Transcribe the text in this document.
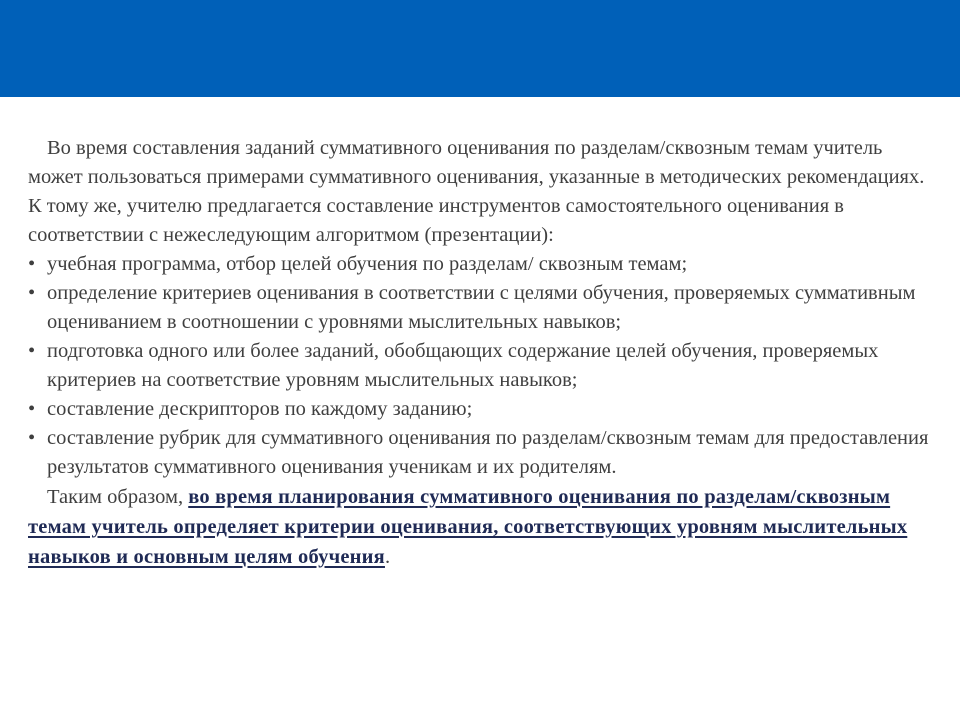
Во время составления заданий суммативного оценивания по разделам/сквозным темам учитель может пользоваться примерами суммативного оценивания, указанные в методических рекомендациях. К тому же, учителю предлагается составление инструментов самостоятельного оценивания в соответствии с нежеследующим алгоритмом (презентации):

• учебная программа, отбор целей обучения по разделам/ сквозным темам;
• определение критериев оценивания в соответствии с целями обучения, проверяемых суммативным оцениванием в соотношении с уровнями мыслительных навыков;
• подготовка одного или более заданий, обобщающих содержание целей обучения, проверяемых критериев на соответствие уровням мыслительных навыков;
• составление дескрипторов по каждому заданию;
• составление рубрик для суммативного оценивания по разделам/сквозным темам для предоставления результатов суммативного оценивания ученикам и их родителям.

Таким образом, во время планирования суммативного оценивания по разделам/сквозным темам учитель определяет критерии оценивания, соответствующих уровням мыслительных навыков и основным целям обучения.
